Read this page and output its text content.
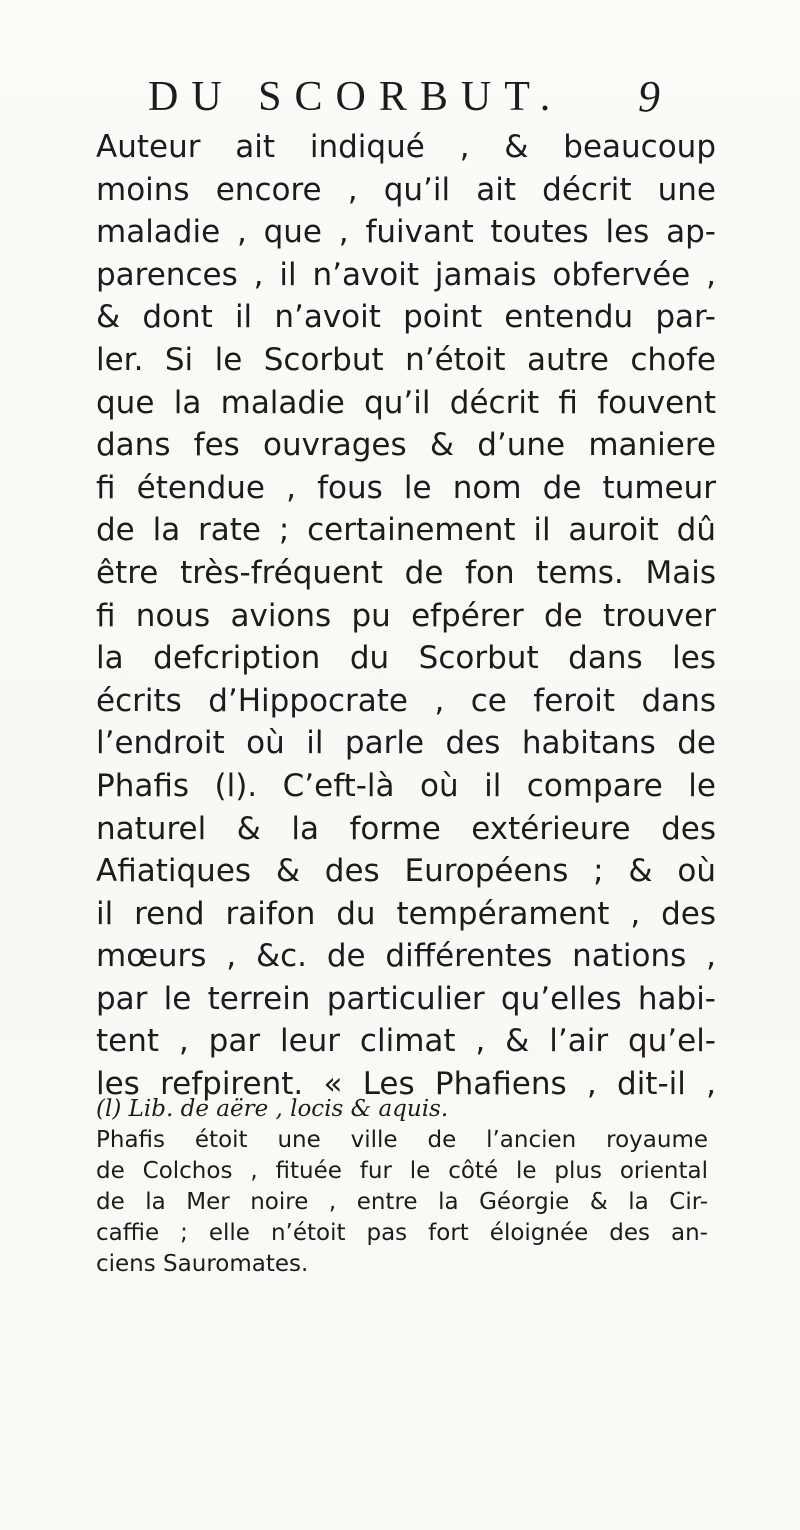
DU SCORBUT. 9
Auteur ait indiqué , & beaucoup
moins encore , qu’il ait décrit une
maladie , que , fuivant toutes les ap-
parences , il n’avoit jamais obfervée ,
& dont il n’avoit point entendu par-
ler. Si le Scorbut n’étoit autre chofe
que la maladie qu’il décrit fi fouvent
dans fes ouvrages & d’une maniere
fi étendue , fous le nom de tumeur
de la rate ; certainement il auroit dû
être très-fréquent de fon tems. Mais
fi nous avions pu efpérer de trouver
la defcription du Scorbut dans les
écrits d’Hippocrate , ce feroit dans
l’endroit où il parle des habitans de
Phafis (l). C’eft-là où il compare le
naturel & la forme extérieure des
Afiatiques & des Européens ; & où
il rend raifon du tempérament , des
mœurs , &c. de différentes nations ,
par le terrein particulier qu’elles habi-
tent , par leur climat , & l’air qu’el-
les refpirent. « Les Phafiens , dit-il ,
(l) Lib. de aëre , locis & aquis.
Phafis étoit une ville de l’ancien royaume
de Colchos , fituée fur le côté le plus oriental
de la Mer noire , entre la Géorgie & la Cir-
caffie ; elle n’étoit pas fort éloignée des an-
ciens Sauromates.
